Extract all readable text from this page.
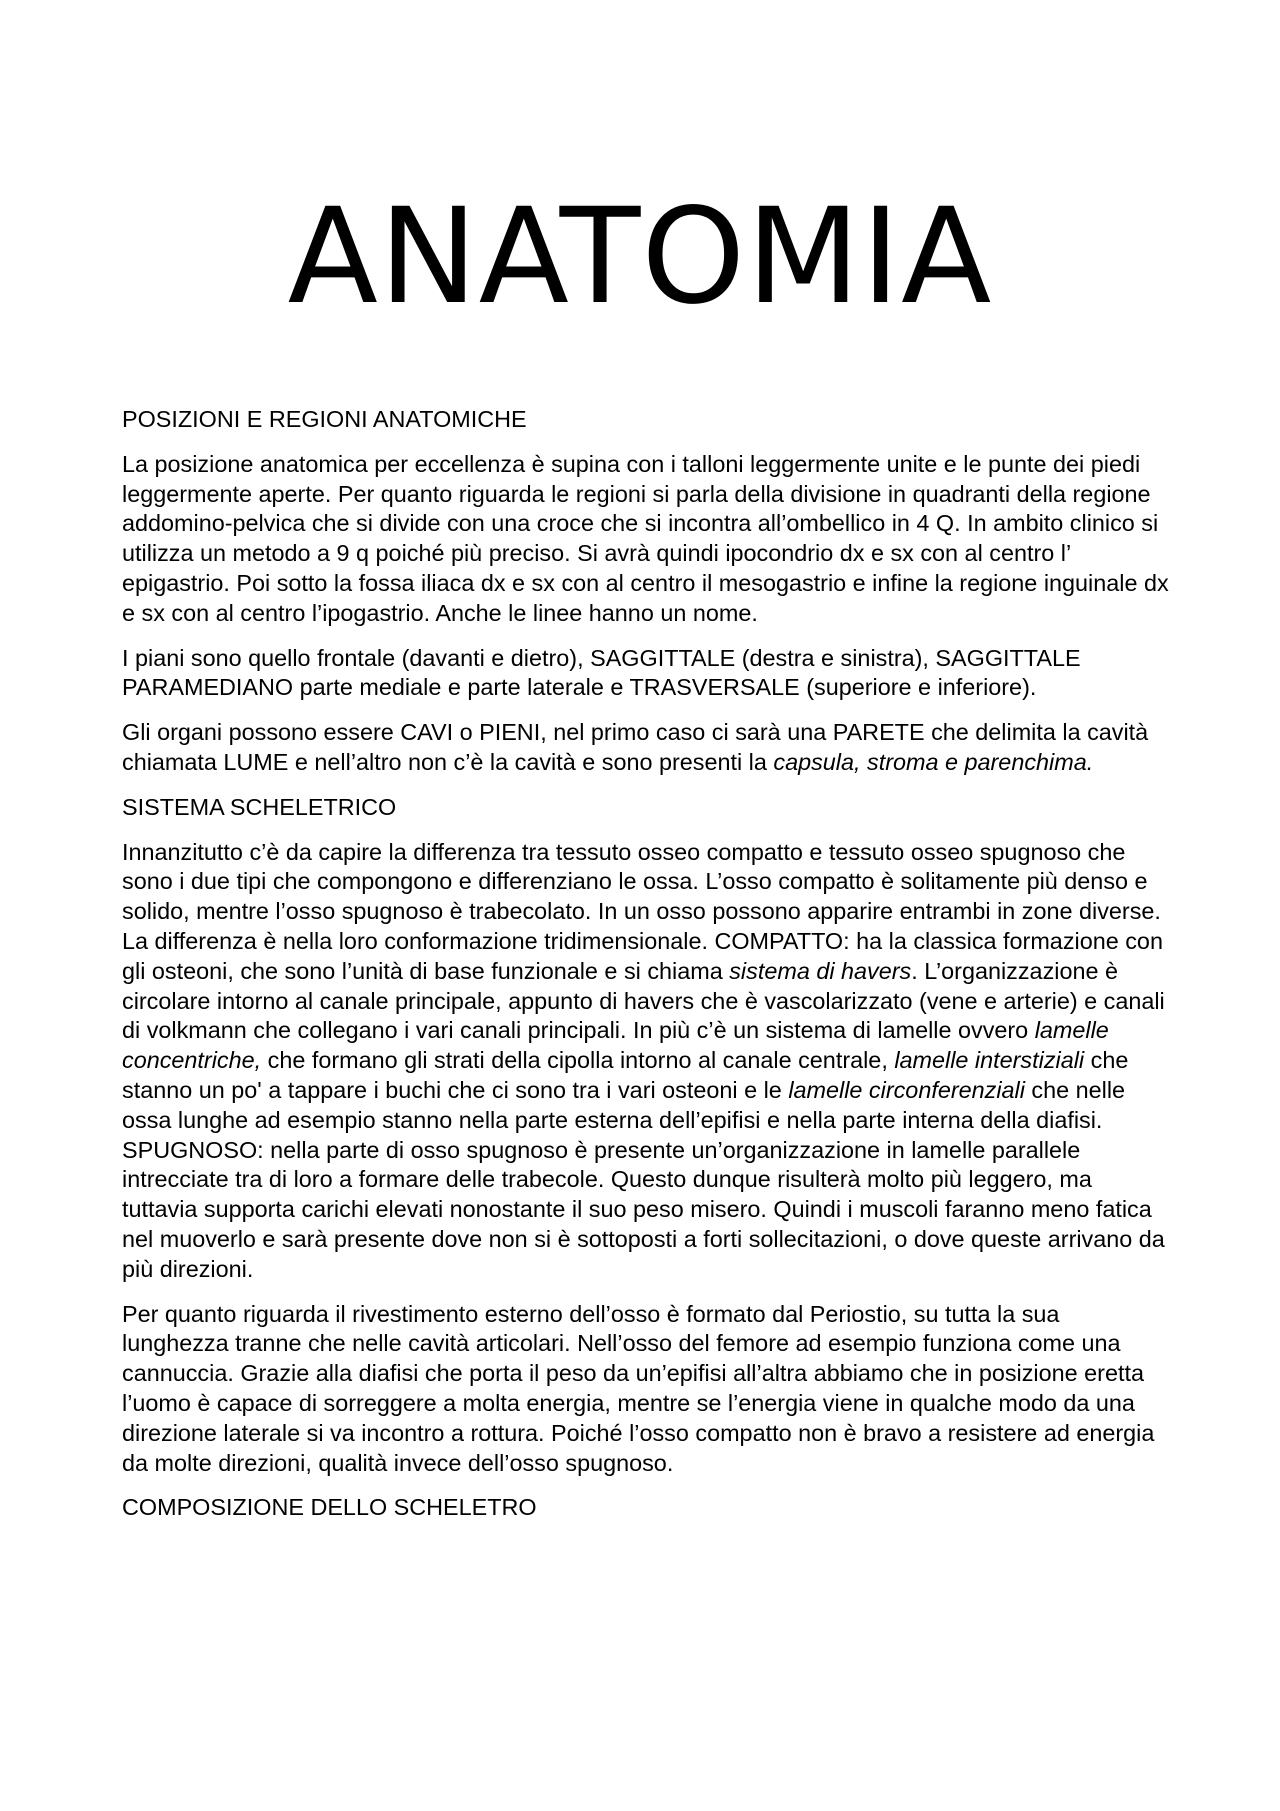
ANATOMIA

POSIZIONI E REGIONI ANATOMICHE

La posizione anatomica per eccellenza è supina con i talloni leggermente unite e le punte dei piedi leggermente aperte. Per quanto riguarda le regioni si parla della divisione in quadranti della regione addomino-pelvica che si divide con una croce che si incontra all’ombellico in 4 Q. In ambito clinico si utilizza un metodo a 9 q poiché più preciso. Si avrà quindi ipocondrio dx e sx con al centro l’ epigastrio. Poi sotto la fossa iliaca dx e sx con al centro il mesogastrio e infine la regione inguinale dx e sx con al centro l’ipogastrio. Anche le linee hanno un nome.

I piani sono quello frontale (davanti e dietro), SAGGITTALE (destra e sinistra), SAGGITTALE PARAMEDIANO parte mediale e parte laterale e TRASVERSALE (superiore e inferiore).

Gli organi possono essere CAVI o PIENI, nel primo caso ci sarà una PARETE che delimita la cavità chiamata LUME e nell’altro non c’è la cavità e sono presenti la capsula, stroma e parenchima.

SISTEMA SCHELETRICO

Innanzitutto c’è da capire la differenza tra tessuto osseo compatto e tessuto osseo spugnoso che sono i due tipi che compongono e differenziano le ossa. L’osso compatto è solitamente più denso e solido, mentre l’osso spugnoso è trabecolato. In un osso possono apparire entrambi in zone diverse. La differenza è nella loro conformazione tridimensionale. COMPATTO: ha la classica formazione con gli osteoni, che sono l’unità di base funzionale e si chiama sistema di havers. L’organizzazione è circolare intorno al canale principale, appunto di havers che è vascolarizzato (vene e arterie) e canali di volkmann che collegano i vari canali principali. In più c’è un sistema di lamelle ovvero lamelle concentriche, che formano gli strati della cipolla intorno al canale centrale, lamelle interstiziali che stanno un po' a tappare i buchi che ci sono tra i vari osteoni e le lamelle circonferenziali che nelle ossa lunghe ad esempio stanno nella parte esterna dell’epifisi e nella parte interna della diafisi. SPUGNOSO: nella parte di osso spugnoso è presente un’organizzazione in lamelle parallele intrecciate tra di loro a formare delle trabecole. Questo dunque risulterà molto più leggero, ma tuttavia supporta carichi elevati nonostante il suo peso misero. Quindi i muscoli faranno meno fatica nel muoverlo e sarà presente dove non si è sottoposti a forti sollecitazioni, o dove queste arrivano da più direzioni.

Per quanto riguarda il rivestimento esterno dell’osso è formato dal Periostio, su tutta la sua lunghezza tranne che nelle cavità articolari. Nell’osso del femore ad esempio funziona come una cannuccia. Grazie alla diafisi che porta il peso da un’epifisi all’altra abbiamo che in posizione eretta l’uomo è capace di sorreggere a molta energia, mentre se l’energia viene in qualche modo da una direzione laterale si va incontro a rottura. Poiché l’osso compatto non è bravo a resistere ad energia da molte direzioni, qualità invece dell’osso spugnoso.

COMPOSIZIONE DELLO SCHELETRO
